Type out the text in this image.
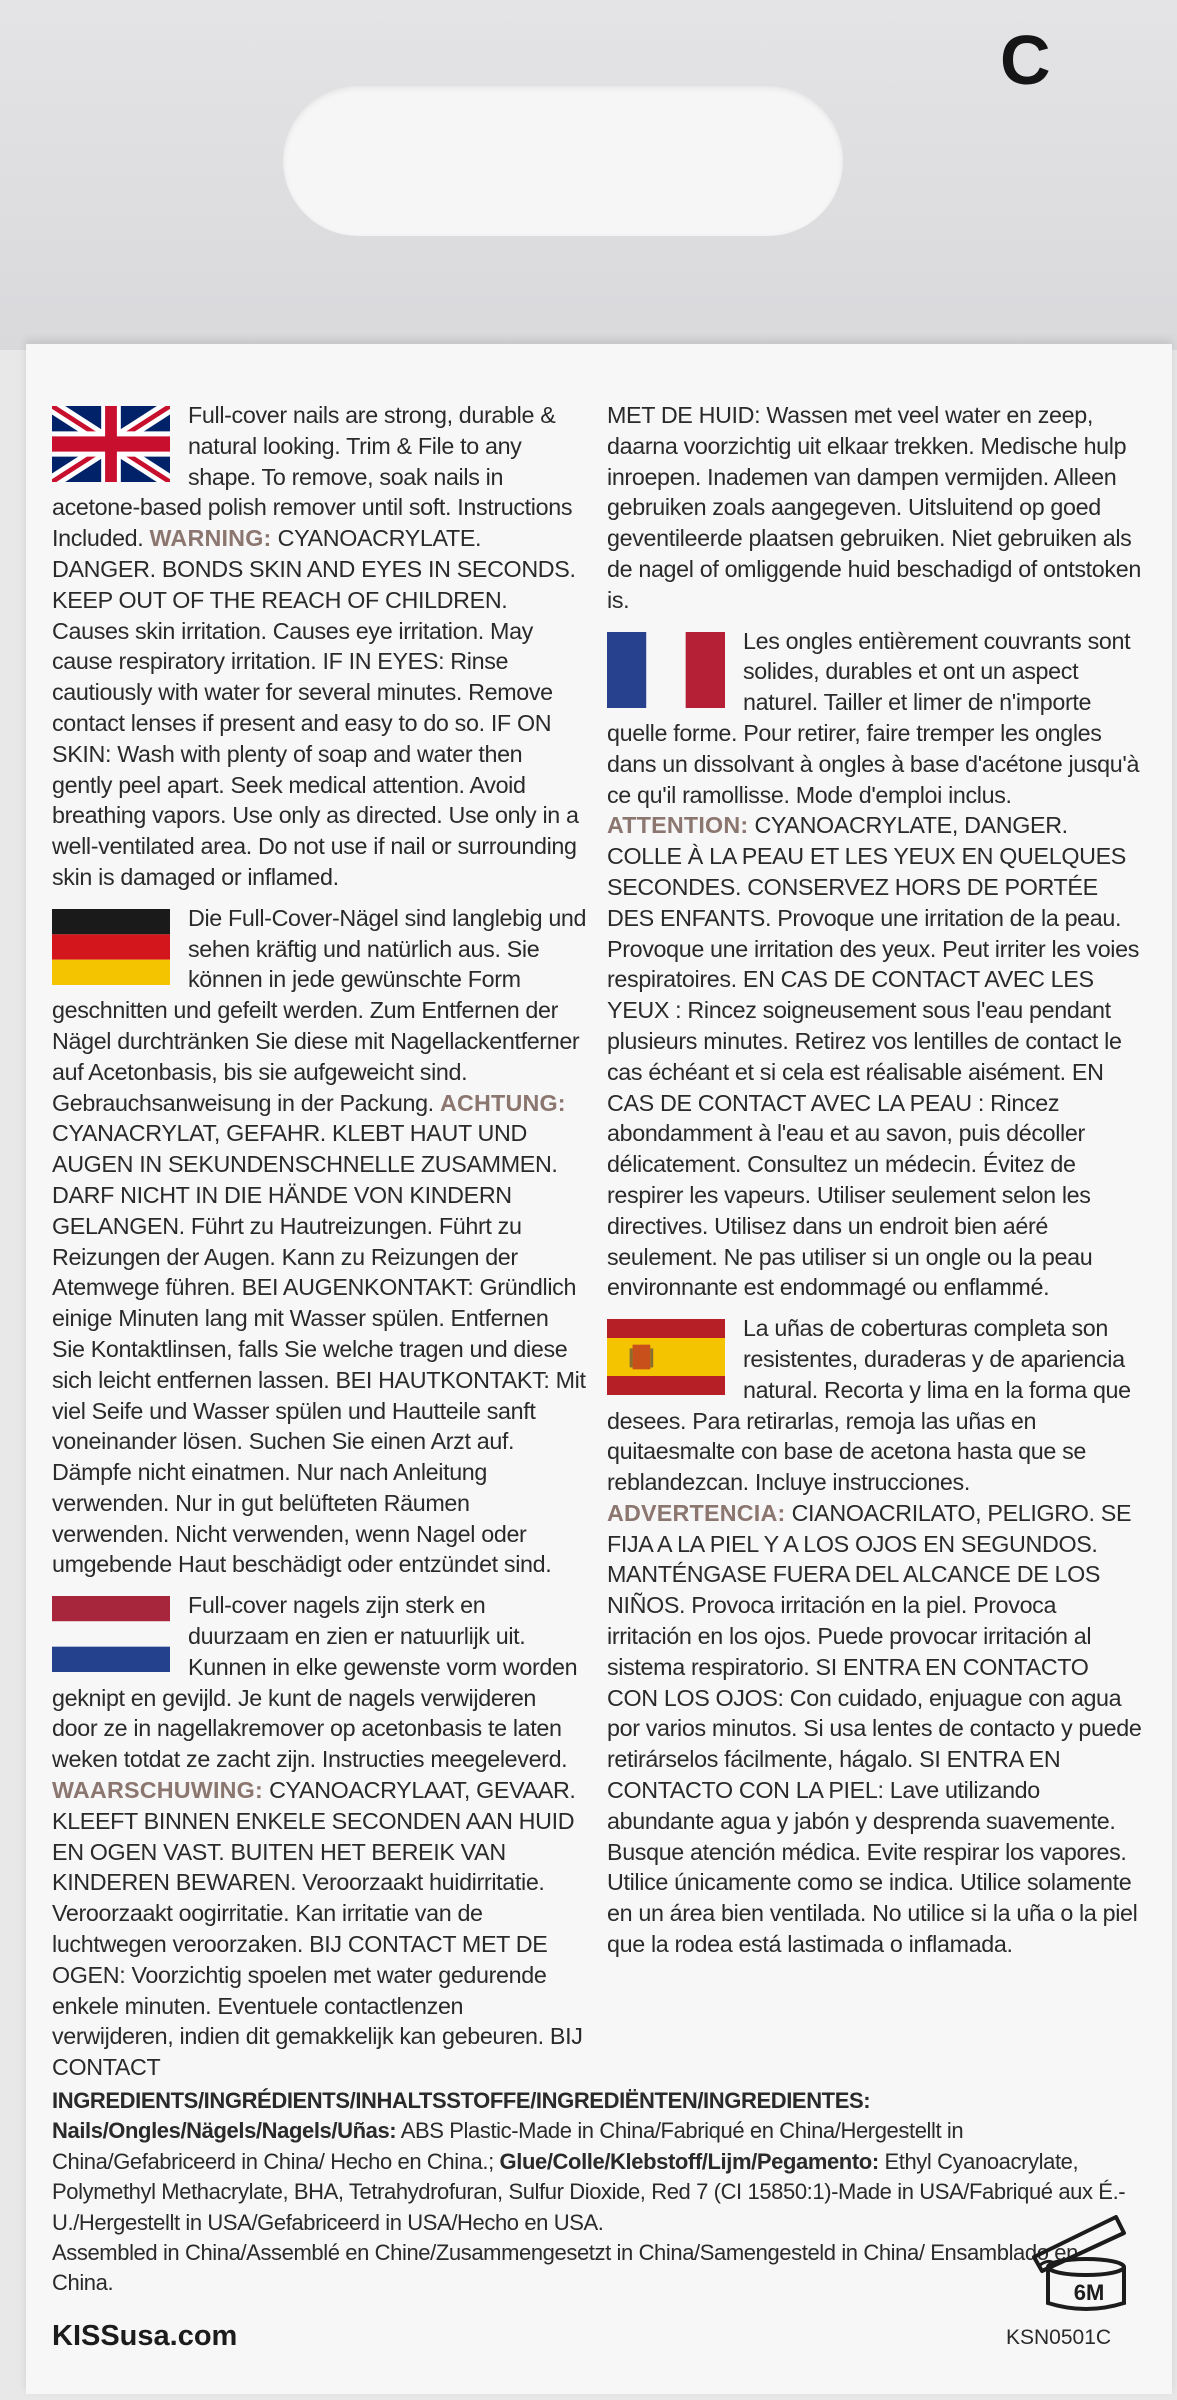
C
Full-cover nails are strong, durable & natural looking. Trim & File to any shape. To remove, soak nails in acetone-based polish remover until soft. Instructions Included. WARNING: CYANOACRYLATE. DANGER. BONDS SKIN AND EYES IN SECONDS. KEEP OUT OF THE REACH OF CHILDREN. Causes skin irritation. Causes eye irritation. May cause respiratory irritation. IF IN EYES: Rinse cautiously with water for several minutes. Remove contact lenses if present and easy to do so. IF ON SKIN: Wash with plenty of soap and water then gently peel apart. Seek medical attention. Avoid breathing vapors. Use only as directed. Use only in a well-ventilated area. Do not use if nail or surrounding skin is damaged or inflamed.
Die Full-Cover-Nägel sind langlebig und sehen kräftig und natürlich aus. Sie können in jede gewünschte Form geschnitten und gefeilt werden. Zum Entfernen der Nägel durchtränken Sie diese mit Nagellackentferner auf Acetonbasis, bis sie aufgeweicht sind. Gebrauchsanweisung in der Packung. ACHTUNG: CYANACRYLAT, GEFAHR. KLEBT HAUT UND AUGEN IN SEKUNDENSCHNELLE ZUSAMMEN. DARF NICHT IN DIE HÄNDE VON KINDERN GELANGEN. Führt zu Hautreizungen. Führt zu Reizungen der Augen. Kann zu Reizungen der Atemwege führen. BEI AUGENKONTAKT: Gründlich einige Minuten lang mit Wasser spülen. Entfernen Sie Kontaktlinsen, falls Sie welche tragen und diese sich leicht entfernen lassen. BEI HAUTKONTAKT: Mit viel Seife und Wasser spülen und Hautteile sanft voneinander lösen. Suchen Sie einen Arzt auf. Dämpfe nicht einatmen. Nur nach Anleitung verwenden. Nur in gut belüfteten Räumen verwenden. Nicht verwenden, wenn Nagel oder umgebende Haut beschädigt oder entzündet sind.
Full-cover nagels zijn sterk en duurzaam en zien er natuurlijk uit. Kunnen in elke gewenste vorm worden geknipt en gevijld. Je kunt de nagels verwijderen door ze in nagellakremover op acetonbasis te laten weken totdat ze zacht zijn. Instructies meegeleverd. WAARSCHUWING: CYANOACRYLAAT, GEVAAR. KLEEFT BINNEN ENKELE SECONDEN AAN HUID EN OGEN VAST. BUITEN HET BEREIK VAN KINDEREN BEWAREN. Veroorzaakt huidirritatie. Veroorzaakt oogirritatie. Kan irritatie van de luchtwegen veroorzaken. BIJ CONTACT MET DE OGEN: Voorzichtig spoelen met water gedurende enkele minuten. Eventuele contactlenzen verwijderen, indien dit gemakkelijk kan gebeuren. BIJ CONTACT
MET DE HUID: Wassen met veel water en zeep, daarna voorzichtig uit elkaar trekken. Medische hulp inroepen. Inademen van dampen vermijden. Alleen gebruiken zoals aangegeven. Uitsluitend op goed geventileerde plaatsen gebruiken. Niet gebruiken als de nagel of omliggende huid beschadigd of ontstoken is.
Les ongles entièrement couvrants sont solides, durables et ont un aspect naturel. Tailler et limer de n'importe quelle forme. Pour retirer, faire tremper les ongles dans un dissolvant à ongles à base d'acétone jusqu'à ce qu'il ramollisse. Mode d'emploi inclus. ATTENTION: CYANOACRYLATE, DANGER. COLLE À LA PEAU ET LES YEUX EN QUELQUES SECONDES. CONSERVEZ HORS DE PORTÉE DES ENFANTS. Provoque une irritation de la peau. Provoque une irritation des yeux. Peut irriter les voies respiratoires. EN CAS DE CONTACT AVEC LES YEUX : Rincez soigneusement sous l'eau pendant plusieurs minutes. Retirez vos lentilles de contact le cas échéant et si cela est réalisable aisément. EN CAS DE CONTACT AVEC LA PEAU : Rincez abondamment à l'eau et au savon, puis décoller délicatement. Consultez un médecin. Évitez de respirer les vapeurs. Utiliser seulement selon les directives. Utilisez dans un endroit bien aéré seulement. Ne pas utiliser si un ongle ou la peau environnante est endommagé ou enflammé.
La uñas de coberturas completa son resistentes, duraderas y de apariencia natural. Recorta y lima en la forma que desees. Para retirarlas, remoja las uñas en quitaesmalte con base de acetona hasta que se reblandezcan. Incluye instrucciones. ADVERTENCIA: CIANOACRILATO, PELIGRO. SE FIJA A LA PIEL Y A LOS OJOS EN SEGUNDOS. MANTÉNGASE FUERA DEL ALCANCE DE LOS NIÑOS. Provoca irritación en la piel. Provoca irritación en los ojos. Puede provocar irritación al sistema respiratorio. SI ENTRA EN CONTACTO CON LOS OJOS: Con cuidado, enjuague con agua por varios minutos. Si usa lentes de contacto y puede retirárselos fácilmente, hágalo. SI ENTRA EN CONTACTO CON LA PIEL: Lave utilizando abundante agua y jabón y desprenda suavemente. Busque atención médica. Evite respirar los vapores. Utilice únicamente como se indica. Utilice solamente en un área bien ventilada. No utilice si la uña o la piel que la rodea está lastimada o inflamada.
INGREDIENTS/INGRÉDIENTS/INHALTSSTOFFE/INGREDIËNTEN/INGREDIENTES: Nails/Ongles/Nägels/Nagels/Uñas: ABS Plastic-Made in China/Fabriqué en China/Hergestellt in China/Gefabriceerd in China/ Hecho en China.; Glue/Colle/Klebstoff/Lijm/Pegamento: Ethyl Cyanoacrylate, Polymethyl Methacrylate, BHA, Tetrahydrofuran, Sulfur Dioxide, Red 7 (CI 15850:1)-Made in USA/Fabriqué aux É.-U./Hergestellt in USA/Gefabriceerd in USA/Hecho en USA.
Assembled in China/Assemblé en Chine/Zusammengesetzt in China/Samengesteld in China/ Ensamblado en China.	6M
KISSusa.com	KSN0501C
